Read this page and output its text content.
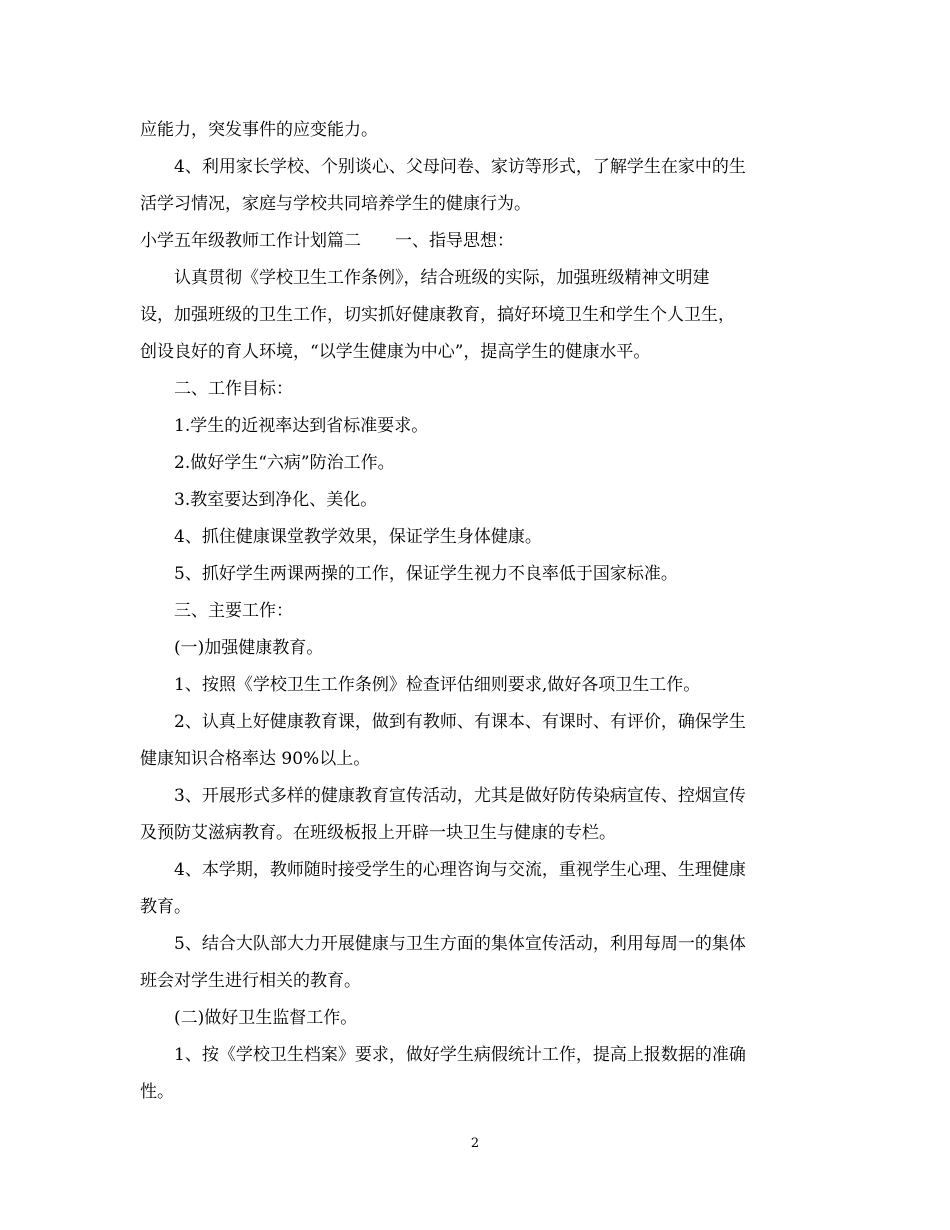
应能力，突发事件的应变能力。
4、利用家长学校、个别谈心、父母问卷、家访等形式，了解学生在家中的生
活学习情况，家庭与学校共同培养学生的健康行为。
小学五年级教师工作计划篇二　　一、指导思想：
认真贯彻《学校卫生工作条例》，结合班级的实际，加强班级精神文明建
设，加强班级的卫生工作，切实抓好健康教育，搞好环境卫生和学生个人卫生，
创设良好的育人环境，“以学生健康为中心”，提高学生的健康水平。
二、工作目标：
1.学生的近视率达到省标准要求。
2.做好学生“六病”防治工作。
3.教室要达到净化、美化。
4、抓住健康课堂教学效果，保证学生身体健康。
5、抓好学生两课两操的工作，保证学生视力不良率低于国家标准。
三、主要工作：
(一)加强健康教育。
1、按照《学校卫生工作条例》检查评估细则要求,做好各项卫生工作。
2、认真上好健康教育课，做到有教师、有课本、有课时、有评价，确保学生
健康知识合格率达 90%以上。
3、开展形式多样的健康教育宣传活动，尤其是做好防传染病宣传、控烟宣传
及预防艾滋病教育。在班级板报上开辟一块卫生与健康的专栏。
4、本学期，教师随时接受学生的心理咨询与交流，重视学生心理、生理健康
教育。
5、结合大队部大力开展健康与卫生方面的集体宣传活动，利用每周一的集体
班会对学生进行相关的教育。
(二)做好卫生监督工作。
1、按《学校卫生档案》要求，做好学生病假统计工作，提高上报数据的准确
性。
2
